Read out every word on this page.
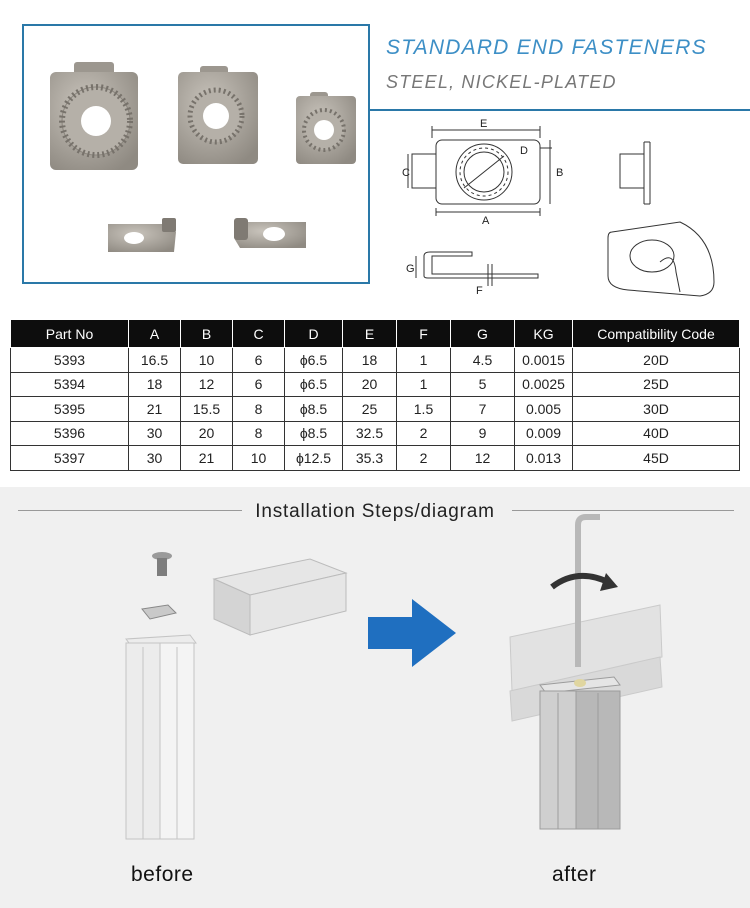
STANDARD END FASTENERS
STEEL, NICKEL-PLATED
E
D
C	B
A
G
F
Part No	A	B	C	D	E	F	G	KG	Compatibility Code
5393	16.5	10	6	ϕ6.5	18	1	4.5	0.0015	20D
5394	18	12	6	ϕ6.5	20	1	5	0.0025	25D
5395	21	15.5	8	ϕ8.5	25	1.5	7	0.005	30D
5396	30	20	8	ϕ8.5	32.5	2	9	0.009	40D
5397	30	21	10	ϕ12.5	35.3	2	12	0.013	45D
Installation Steps/diagram
before	after
